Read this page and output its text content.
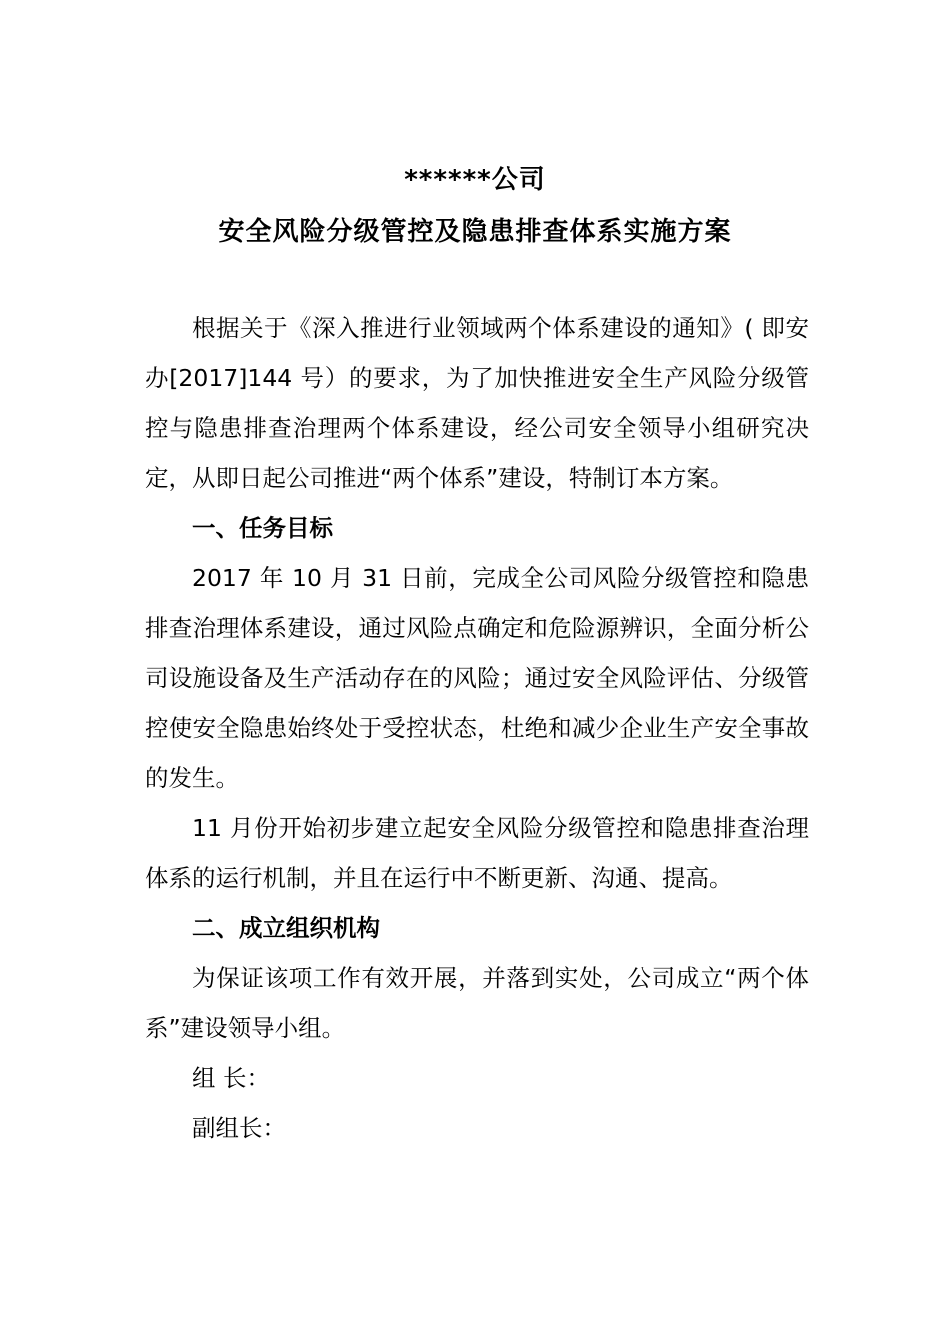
******公司
安全风险分级管控及隐患排查体系实施方案

根据关于《深入推进行业领域两个体系建设的通知》( 即安办[2017]144 号）的要求，为了加快推进安全生产风险分级管控与隐患排查治理两个体系建设，经公司安全领导小组研究决定，从即日起公司推进“两个体系”建设，特制订本方案。

一、任务目标

2017 年 10 月 31 日前，完成全公司风险分级管控和隐患排查治理体系建设，通过风险点确定和危险源辨识，全面分析公司设施设备及生产活动存在的风险；通过安全风险评估、分级管控使安全隐患始终处于受控状态，杜绝和减少企业生产安全事故的发生。

11 月份开始初步建立起安全风险分级管控和隐患排查治理体系的运行机制，并且在运行中不断更新、沟通、提高。

二、成立组织机构

为保证该项工作有效开展，并落到实处，公司成立“两个体系”建设领导小组。

组 长：

副组长：
